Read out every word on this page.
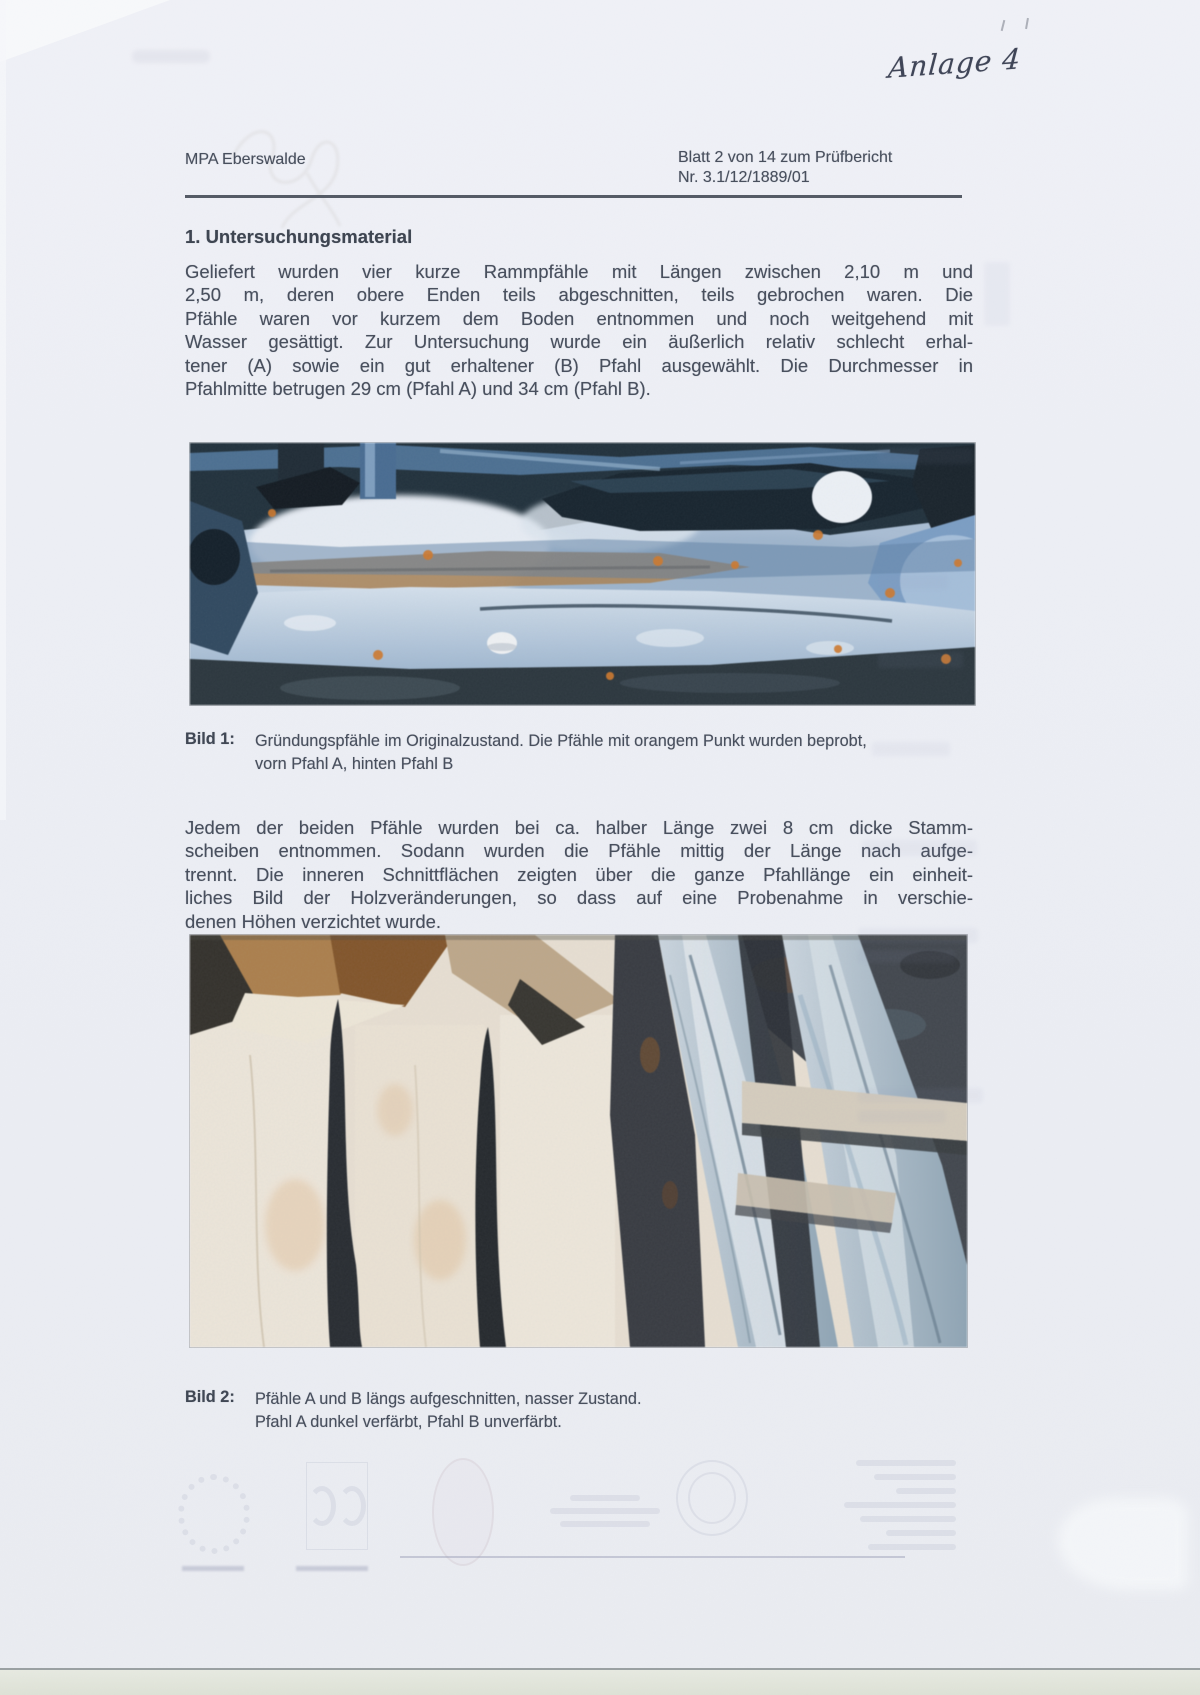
Anlage 4
MPA Eberswalde	Blatt 2 von 14 zum Prüfbericht
Nr. 3.1/12/1889/01
1. Untersuchungsmaterial
Geliefert wurden vier kurze Rammpfähle mit Längen zwischen 2,10 m und
2,50 m, deren obere Enden teils abgeschnitten, teils gebrochen waren. Die
Pfähle waren vor kurzem dem Boden entnommen und noch weitgehend mit
Wasser gesättigt. Zur Untersuchung wurde ein äußerlich relativ schlecht erhal-
tener (A) sowie ein gut erhaltener (B) Pfahl ausgewählt. Die Durchmesser in
Pfahlmitte betrugen 29 cm (Pfahl A) und 34 cm (Pfahl B).
Bild 1: Gründungspfähle im Originalzustand. Die Pfähle mit orangem Punkt wurden beprobt,
vorn Pfahl A, hinten Pfahl B
Jedem der beiden Pfähle wurden bei ca. halber Länge zwei 8 cm dicke Stamm-
scheiben entnommen. Sodann wurden die Pfähle mittig der Länge nach aufge-
trennt. Die inneren Schnittflächen zeigten über die ganze Pfahllänge ein einheit-
liches Bild der Holzveränderungen, so dass auf eine Probenahme in verschie-
denen Höhen verzichtet wurde.
Bild 2: Pfähle A und B längs aufgeschnitten, nasser Zustand.
Pfahl A dunkel verfärbt, Pfahl B unverfärbt.
